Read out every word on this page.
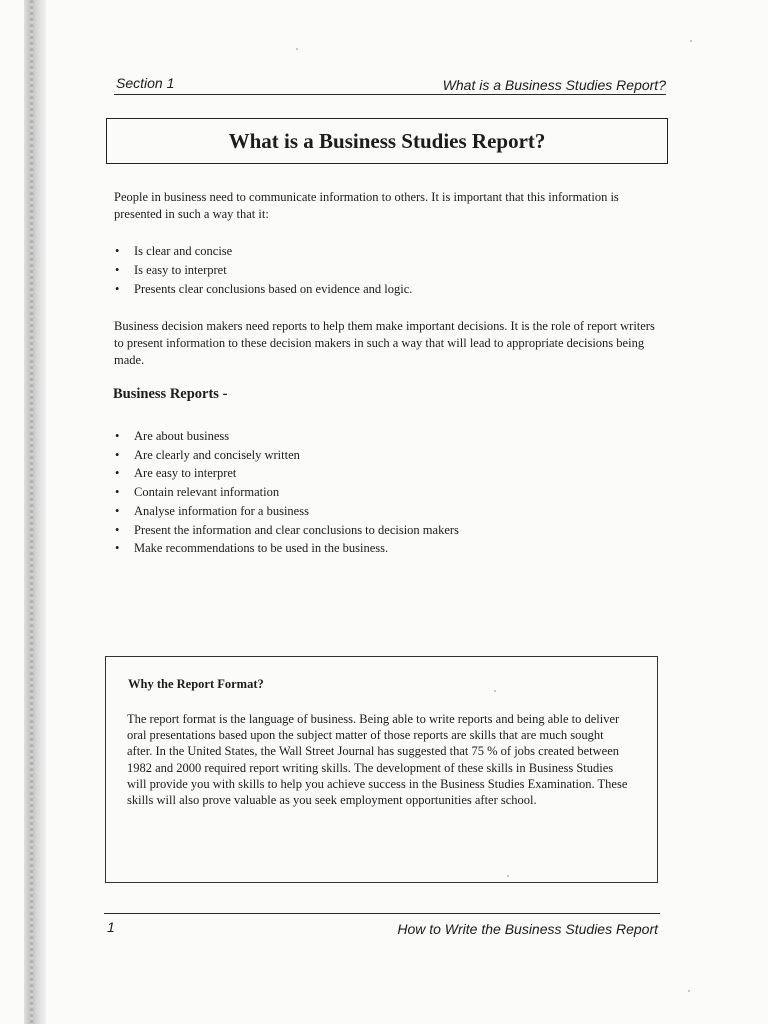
Section 1	What is a Business Studies Report?
What is a Business Studies Report?

People in business need to communicate information to others. It is important that this information is presented in such a way that it:

• Is clear and concise
• Is easy to interpret
• Presents clear conclusions based on evidence and logic.

Business decision makers need reports to help them make important decisions. It is the role of report writers to present information to these decision makers in such a way that will lead to appropriate decisions being made.

Business Reports -
• Are about business
• Are clearly and concisely written
• Are easy to interpret
• Contain relevant information
• Analyse information for a business
• Present the information and clear conclusions to decision makers
• Make recommendations to be used in the business.
Why the Report Format?

The report format is the language of business. Being able to write reports and being able to deliver oral presentations based upon the subject matter of those reports are skills that are much sought after. In the United States, the Wall Street Journal has suggested that 75 % of jobs created between 1982 and 2000 required report writing skills. The development of these skills in Business Studies will provide you with skills to help you achieve success in the Business Studies Examination. These skills will also prove valuable as you seek employment opportunities after school.

1	How to Write the Business Studies Report
